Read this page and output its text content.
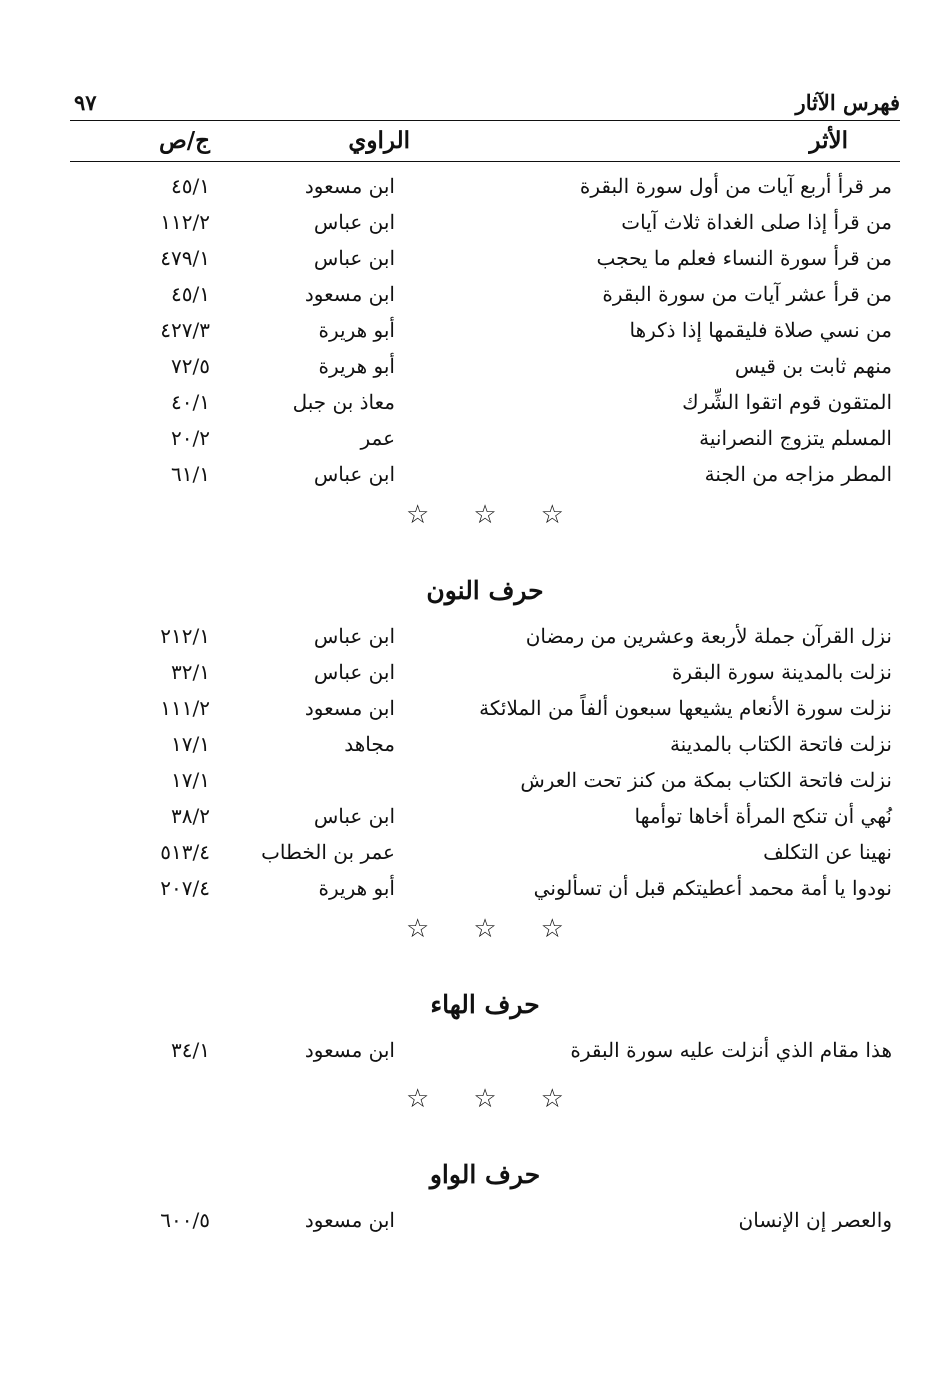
فهرس الآثار
٩٧
الأثر
الراوي
ج/ص
مر قرأ أربع آيات من أول سورة البقرة
ابن مسعود
٤٥/١
من قرأ إذا صلى الغداة ثلاث آيات
ابن عباس
١١٢/٢
من قرأ سورة النساء فعلم ما يحجب
ابن عباس
٤٧٩/١
من قرأ عشر آيات من سورة البقرة
ابن مسعود
٤٥/١
من نسي صلاة فليقمها إذا ذكرها
أبو هريرة
٤٢٧/٣
منهم ثابت بن قيس
أبو هريرة
٧٢/٥
المتقون قوم اتقوا الشِّرك
معاذ بن جبل
٤٠/١
المسلم يتزوج النصرانية
عمر
٢٠/٢
المطر مزاجه من الجنة
ابن عباس
٦١/١
☆☆☆
حرف النون
نزل القرآن جملة لأربعة وعشرين من رمضان
ابن عباس
٢١٢/١
نزلت بالمدينة سورة البقرة
ابن عباس
٣٢/١
نزلت سورة الأنعام يشيعها سبعون ألفاً من الملائكة
ابن مسعود
١١١/٢
نزلت فاتحة الكتاب بالمدينة
مجاهد
١٧/١
نزلت فاتحة الكتاب بمكة من كنز تحت العرش
١٧/١
نُهي أن تنكح المرأة أخاها توأمها
ابن عباس
٣٨/٢
نهينا عن التكلف
عمر بن الخطاب
٥١٣/٤
نودوا يا أمة محمد أعطيتكم قبل أن تسألوني
أبو هريرة
٢٠٧/٤
☆☆☆
حرف الهاء
هذا مقام الذي أنزلت عليه سورة البقرة
ابن مسعود
٣٤/١
☆☆☆
حرف الواو
والعصر إن الإنسان
ابن مسعود
٦٠٠/٥
